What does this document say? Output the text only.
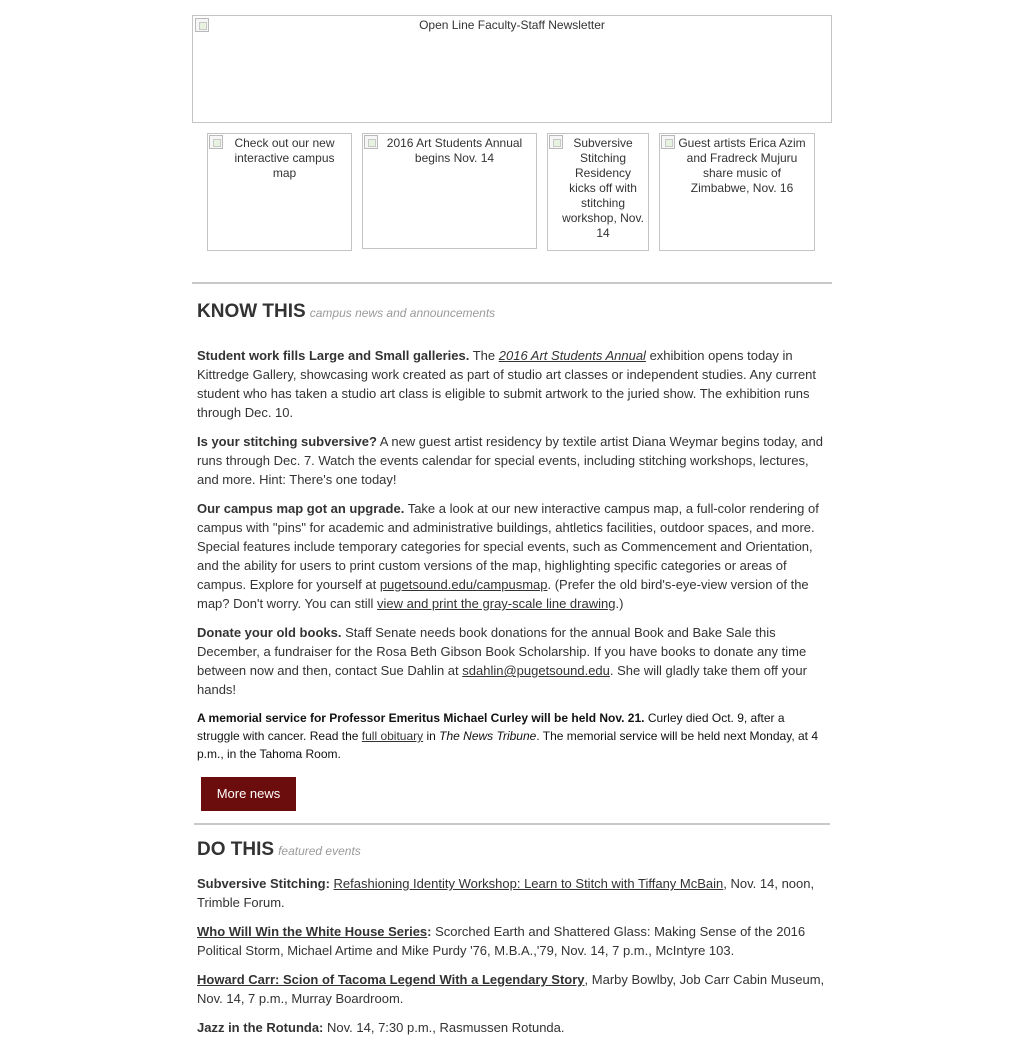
Open Line Faculty-Staff Newsletter
Check out our new interactive campus map
2016 Art Students Annual begins Nov. 14
Subversive Stitching Residency kicks off with stitching workshop, Nov. 14
Guest artists Erica Azim and Fradreck Mujuru share music of Zimbabwe, Nov. 16
KNOW THIS campus news and announcements

Student work fills Large and Small galleries. The 2016 Art Students Annual exhibition opens today in Kittredge Gallery, showcasing work created as part of studio art classes or independent studies. Any current student who has taken a studio art class is eligible to submit artwork to the juried show. The exhibition runs through Dec. 10.

Is your stitching subversive? A new guest artist residency by textile artist Diana Weymar begins today, and runs through Dec. 7. Watch the events calendar for special events, including stitching workshops, lectures, and more. Hint: There's one today!

Our campus map got an upgrade. Take a look at our new interactive campus map, a full-color rendering of campus with "pins" for academic and administrative buildings, ahtletics facilities, outdoor spaces, and more. Special features include temporary categories for special events, such as Commencement and Orientation, and the ability for users to print custom versions of the map, highlighting specific categories or areas of campus. Explore for yourself at pugetsound.edu/campusmap. (Prefer the old bird's-eye-view version of the map? Don't worry. You can still view and print the gray-scale line drawing.)

Donate your old books. Staff Senate needs book donations for the annual Book and Bake Sale this December, a fundraiser for the Rosa Beth Gibson Book Scholarship. If you have books to donate any time between now and then, contact Sue Dahlin at sdahlin@pugetsound.edu. She will gladly take them off your hands!

A memorial service for Professor Emeritus Michael Curley will be held Nov. 21. Curley died Oct. 9, after a struggle with cancer. Read the full obituary in The News Tribune. The memorial service will be held next Monday, at 4 p.m., in the Tahoma Room.

More news
DO THIS featured events

Subversive Stitching: Refashioning Identity Workshop: Learn to Stitch with Tiffany McBain, Nov. 14, noon, Trimble Forum.

Who Will Win the White House Series: Scorched Earth and Shattered Glass: Making Sense of the 2016 Political Storm, Michael Artime and Mike Purdy '76, M.B.A.,'79, Nov. 14, 7 p.m., McIntyre 103.

Howard Carr: Scion of Tacoma Legend With a Legendary Story, Marby Bowlby, Job Carr Cabin Museum, Nov. 14, 7 p.m., Murray Boardroom.

Jazz in the Rotunda: Nov. 14, 7:30 p.m., Rasmussen Rotunda.
